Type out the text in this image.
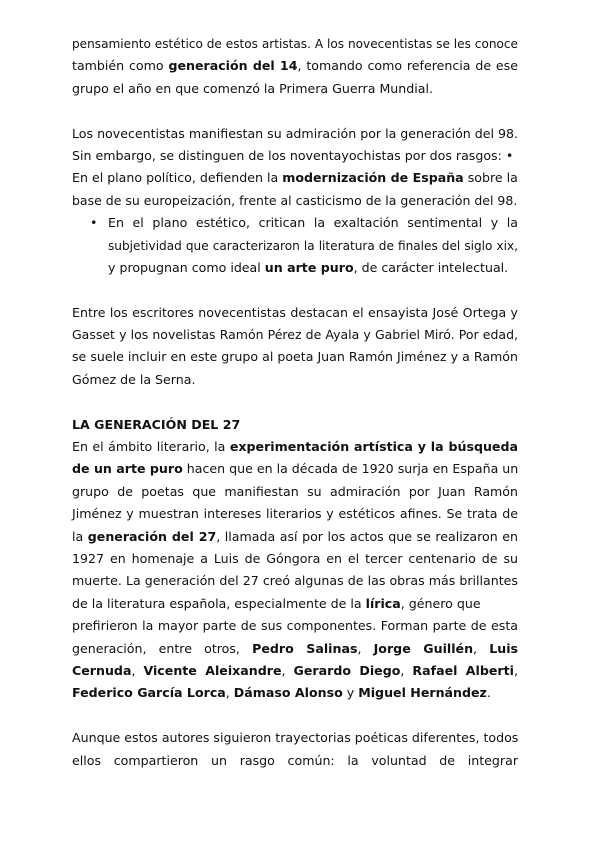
pensamiento estético de estos artistas. A los novecentistas se les conoce
también como generación del 14, tomando como referencia de ese
grupo el año en que comenzó la Primera Guerra Mundial.
Los novecentistas manifiestan su admiración por la generación del 98.
Sin embargo, se distinguen de los noventayochistas por dos rasgos: •
En el plano político, defienden la modernización de España sobre la
base de su europeización, frente al casticismo de la generación del 98.
• En el plano estético, critican la exaltación sentimental y la
subjetividad que caracterizaron la literatura de finales del siglo xix,
y propugnan como ideal un arte puro, de carácter intelectual.
Entre los escritores novecentistas destacan el ensayista José Ortega y
Gasset y los novelistas Ramón Pérez de Ayala y Gabriel Miró. Por edad,
se suele incluir en este grupo al poeta Juan Ramón Jiménez y a Ramón
Gómez de la Serna.
LA GENERACIÓN DEL 27
En el ámbito literario, la experimentación artística y la búsqueda
de un arte puro hacen que en la década de 1920 surja en España un
grupo de poetas que manifiestan su admiración por Juan Ramón
Jiménez y muestran intereses literarios y estéticos afines. Se trata de
la generación del 27, llamada así por los actos que se realizaron en
1927 en homenaje a Luis de Góngora en el tercer centenario de su
muerte. La generación del 27 creó algunas de las obras más brillantes
de la literatura española, especialmente de la lírica, género que
prefirieron la mayor parte de sus componentes. Forman parte de esta
generación, entre otros, Pedro Salinas, Jorge Guillén, Luis
Cernuda, Vicente Aleixandre, Gerardo Diego, Rafael Alberti,
Federico García Lorca, Dámaso Alonso y Miguel Hernández.
Aunque estos autores siguieron trayectorias poéticas diferentes, todos
ellos compartieron un rasgo común: la voluntad de integrar
